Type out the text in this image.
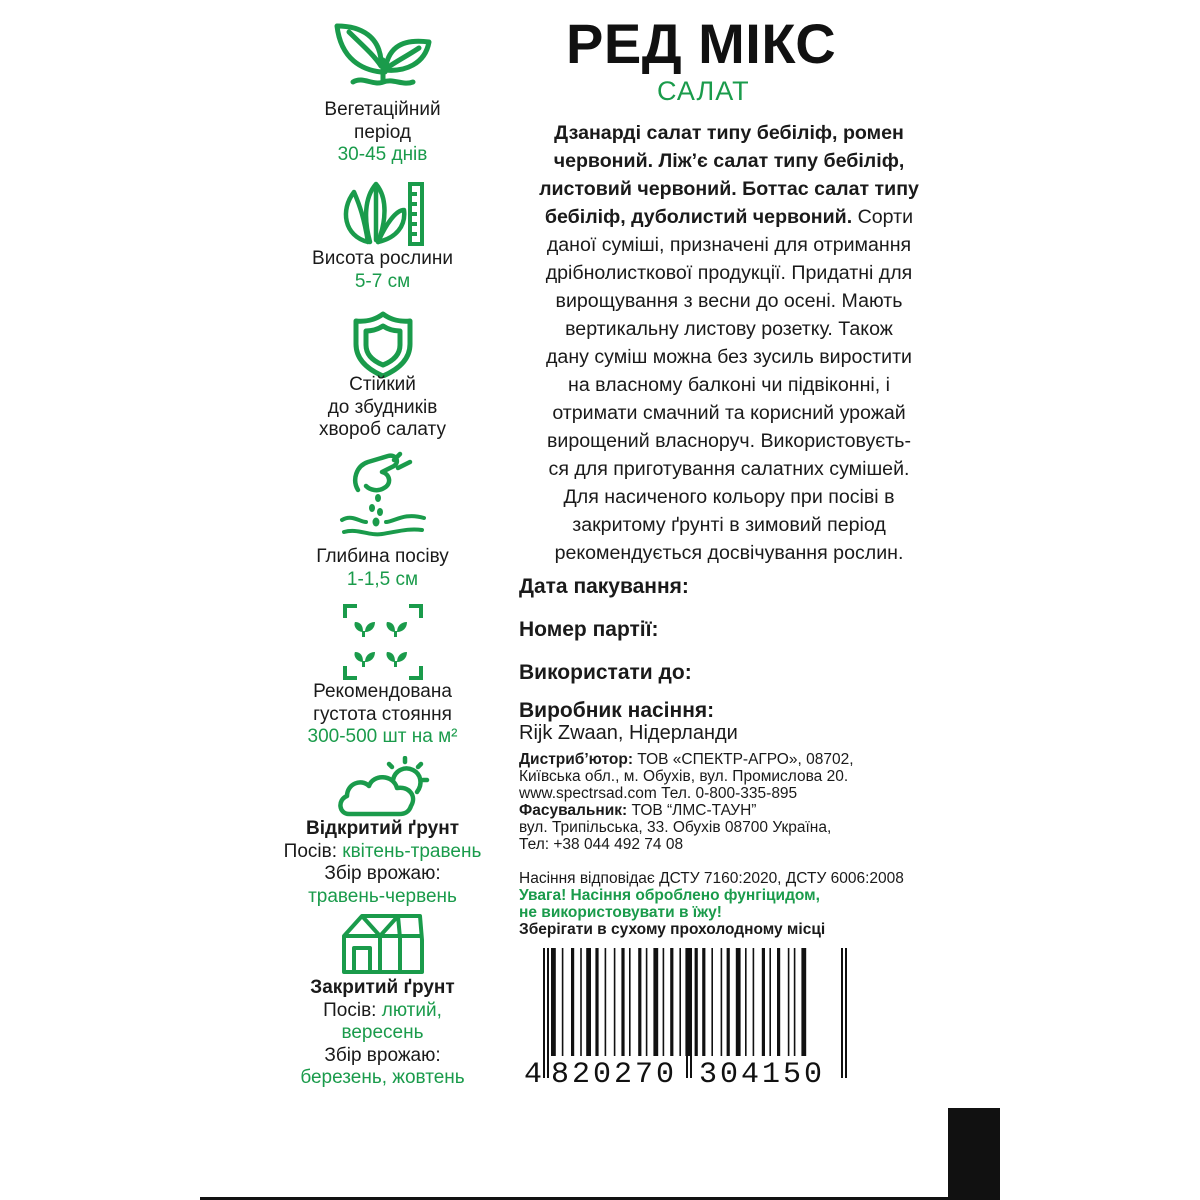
Вегетаційний
період
30-45 днів
Висота рослини
5-7 см
Стійкий
до збудників
хвороб салату
Глибина посіву
1-1,5 см
Рекомендована
густота стояння
300-500 шт на м²
Відкритий ґрунт
Посів: квітень-травень
Збір врожаю:
травень-червень
Закритий ґрунт
Посів: лютий,
вересень
Збір врожаю:
березень, жовтень
РЕД МІКС
САЛАТ
Дзанарді салат типу бебіліф, ромен
червоний. Ліж’є салат типу бебіліф,
листовий червоний. Боттас салат типу
бебіліф, дуболистий червоний. Сорти
даної суміші, призначені для отримання
дрібнолисткової продукції. Придатні для
вирощування з весни до осені. Мають
вертикальну листову розетку. Також
дану суміш можна без зусиль виростити
на власному балконі чи підвіконні, і
отримати смачний та корисний урожай
вирощений власноруч. Використовуєть-
ся для приготування салатних сумішей.
Для насиченого кольору при посіві в
закритому ґрунті в зимовий період
рекомендується досвічування рослин.
Дата пакування:
Номер партії:
Використати до:
Виробник насіння:
Rijk Zwaan, Нідерланди
Дистриб’ютор: ТОВ «СПЕКТР-АГРО», 08702,
Київська обл., м. Обухів, вул. Промислова 20.
www.spectrsad.com Тел. 0-800-335-895
Фасувальник: ТОВ “ЛМС-ТАУН”
вул. Трипільська, 33. Обухів 08700 Україна,
Тел: +38 044 492 74 08
Насіння відповідає ДСТУ 7160:2020, ДСТУ 6006:2008
Увага! Насіння оброблено фунгіцидом,
не використовувати в їжу!
Зберігати в сухому прохолодному місці
4 820270 304150
